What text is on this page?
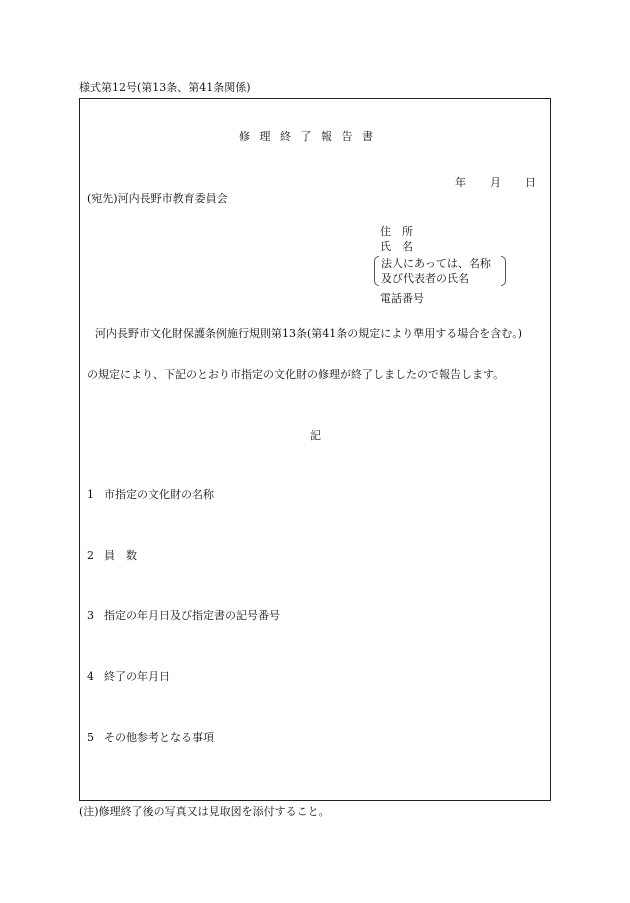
様式第12号(第13条、第41条関係)
修 理 終 了 報 告 書
年 月 日
(宛先)河内長野市教育委員会
住　所
氏　名
法人にあっては、名称
及び代表者の氏名
電話番号
河内長野市文化財保護条例施行規則第13条(第41条の規定により準用する場合を含む。)
の規定により、下記のとおり市指定の文化財の修理が終了しましたので報告します。
記
1 市指定の文化財の名称
2 員　数
3 指定の年月日及び指定書の記号番号
4 終了の年月日
5 その他参考となる事項
(注)修理終了後の写真又は見取図を添付すること。
